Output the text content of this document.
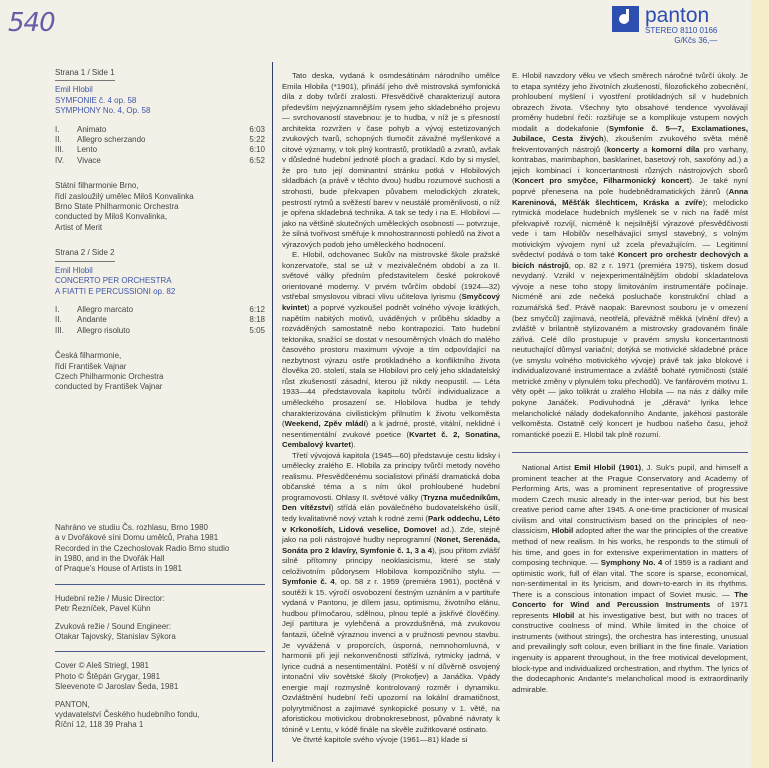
540	panton
STEREO 8110 0166
G/Kčs 36,—
Strana 1 / Side 1
Emil Hlobil
SYMFONIE č. 4 op. 58
SYMPHONY No. 4, Op. 58
I.	Animato	6:03
II.	Allegro scherzando	5:22
III.	Lento	6:10
IV.	Vivace	6:52
Státní filharmonie Brno,
řídí zasloužilý umělec Miloš Konvalinka
Brno State Philharmonic Orchestra
conducted by Miloš Konvalinka,
Artist of Merit
Strana 2 / Side 2
Emil Hlobil
CONCERTO PER ORCHESTRA
A FIATTI E PERCUSSIONI op. 82
I.	Allegro marcato	6:12
II.	Andante	8:18
III.	Allegro risoluto	5:05
Česká filharmonie,
řídí František Vajnar
Czech Philharmonic Orchestra
conducted by František Vajnar
Nahráno ve studiu Čs. rozhlasu, Brno 1980
a v Dvořákové síni Domu umělců, Praha 1981
Recorded in the Czechoslovak Radio Brno studio
in 1980, and in the Dvořák Hall
of Praque's House of Artists in 1981
Hudební režie / Music Director:
Petr Řezníček, Pavel Kühn
Zvuková režie / Sound Engineer:
Otakar Tajovský, Stanislav Sýkora
Cover © Aleš Striegl, 1981
Photo © Štěpán Grygar, 1981
Sleevenote © Jaroslav Šeda, 1981
PANTON,
vydavatelství Českého hudebního fondu,
Říční 12, 118 39 Praha 1

Tato deska, vydaná k osmdesátinám národního umělce Emila Hlobila (*1901), přináší jeho dvě mistrovská symfonická díla z doby tvůrčí zralosti. Přesvědčivě charakterizují autora především nejvýznamnějším rysem jeho skladebného projevu — svrchovaností stavebnou: je to hudba, v níž je s přesností architekta rozvržen v čase pohyb a vývoj estetizovaných zvukových tvarů, schopných tlumočit závažné myšlenkové a citové významy, v tok plný kontrastů, protikladů a zvratů, avšak v důsledné hudební jednotě ploch a gradací. Kdo by si myslel, že pro tuto její dominantní stránku potká v Hlobilových skladbách (a právě v těchto dvou) hudbu rozumové suchosti a strohosti, bude překvapen půvabem melodických zkratek, pestrostí rytmů a svěžestí barev v neustálé proměnlivosti, o níž je opřena skladebná technika. A tak se tedy i na E. Hlobilovi — jako na většině skutečných uměleckých osobností — potvrzuje, že silná tvořivost směřuje k mnohostrannosti pohledů na život a výrazových podob jeho uměleckého hodnocení.

E. Hlobil, odchovanec Sukův na mistrovské škole pražské konzervatoře, stal se už v meziválečném období a za II. světové války předním představitelem české pokrokově orientované moderny. V prvém tvůrčím období (1924—32) vstřebal smyslovou vibraci vlivu učitelova lyrismu (Smyčcový kvintet) a poprvé vyzkoušel podnět volného vývoje krátkých, napětím nabitých motivů, uváděných v průběhu skladby a rozváděných samostatně nebo kontrapozici. Tato hudební tektonika, snažící se dostat v nesouměrných vlnách do malého časového prostoru maximum vývoje a tím odpovídající na nezbytnost výrazu ostře protikladného a konfliktního života člověka 20. století, stala se Hlobilovi pro celý jeho skladatelský růst zkušeností zásadní, kterou již nikdy neopustil. — Léta 1933—44 představovala kapitolu tvůrčí individualizace a uměleckého prosazení se. Hlobilova hudba je tehdy charakterizována civilistickým přilnutím k životu velkoměsta (Weekend, Zpěv mládí) a k jadrné, prosté, vitální, neklidné i nesentimentální zvukové poetice (Kvartet č. 2, Sonatina, Cembalový kvartet).

Třetí vývojová kapitola (1945—60) představuje cestu lidsky i umělecky zralého E. Hlobila za principy tvůrčí metody nového realismu. Přesvědčenému socialistovi přináší dramatická doba občanské téma a s ním úkol prohloubené hudební programovosti. Ohlasy II. světové války (Tryzna mučedníkům, Den vítězství) střídá elán poválečného budovatelského úsilí, tedy kvalitativně nový vztah k rodné zemi (Park oddechu, Léto v Krkonoších, Lidová veselice, Domove! ad.). Zde, stejně jako na poli nástrojové hudby neprogramní (Nonet, Serenáda, Sonáta pro 2 klavíry, Symfonie č. 1, 3 a 4), jsou přitom zvlášť silně přítomny principy neoklasicismu, které se staly celoživotním půdorysem Hlobilova kompozičního stylu. — Symfonie č. 4, op. 58 z r. 1959 (premiéra 1961), poctěná v soutěži k 15. výročí osvobození čestným uznáním a v partituře vydaná v Pantonu, je dílem jasu, optimismu, životního elánu, hudbou přímočarou, sdělnou, plnou teplé a jiskřivé člověčiny. Její partitura je vylehčená a provzdušněná, má zvukovou fantazii, účelně výraznou invenci a v pružnosti pevnou stavbu. Je vyvážená v proporcích, úsporná, nemnohomluvná, v harmonii při její nekonvenčnosti střízlivá, rytmicky jadrná, v lyrice cudná a nesentimentální. Potěší v ní důvěrně osvojený intonační vliv sovětské školy (Prokofjev) a Janáčka. Vpády energie mají rozmyslně kontrolovaný rozměr i dynamiku. Ozvláštnění hudební řeči upozorní na lokální dramatičnost, polyrytmičnost a zajímavé synkopické posuny v 1. větě, na aforistickou motivickou drobnokresebnost, půvabné návraty k tónině v Lentu, v kódě finále na skvěle zužitkované ostinato.

Ve čtvrté kapitole svého vývoje (1961—81) klade si

E. Hlobil navzdory věku ve všech směrech náročné tvůrčí úkoly. Je to etapa syntézy jeho životních zkušeností, filozofického zobecnění, prohloubení myšlení i vyostření protikladných sil v hudebních obrazech života. Všechny tyto obsahové tendence vyvolávají proměny hudební řeči: rozšiřuje se a komplikuje vstupem nových modalit a dodekafonie (Symfonie č. 5—7, Exclamationes, Jubilace, Cesta živých), zkoušením zvukového světa méně frekventovaných nástrojů (koncerty a komorní díla pro varhany, kontrabas, marimbaphon, basklarinet, basetový roh, saxofóny ad.) a jejich kombinací i koncertantnosti různých nástrojových sborů (Koncert pro smyčce, Filharmonický koncert). Je také nyní poprvé přenesena na pole hudebnědramatických žánrů (Anna Kareninová, Měšťák šlechticem, Kráska a zvíře); melodicko rytmická modelace hudebních myšlenek se v nich na řadě míst překvapivě rozvíjí, nicméně k nejsilnější výrazové přesvědčivosti vede i tam Hlobilův neselhávající smysl stavebný, s volným motivickým vývojem nyní už zcela převažujícím. — Legitimní svědectví podává o tom také Koncert pro orchestr dechových a bicích nástrojů, op. 82 z r. 1971 (premiéra 1975), tiskem dosud nevydaný. Vznikl v nejexperimentálnějším období skladatelova vývoje a nese toho stopy limitováním instrumentáře počínaje. Nicméně ani zde nečeká posluchače konstrukční chlad a rozumářská šeď. Právě naopak: Barevnost souboru je v omezení (bez smyčců) zajímavá, neotřelá, převážně měkká (vlnění dřev) a zvláště v brilantně stylizovaném a mistrovsky gradovaném finále zářivá. Celé dílo prostupuje v pravém smyslu koncertantnosti neutuchající důmysl variační; dotýká se motivické skladebné práce (ve smyslu volného motivického vývoje) právě tak jako blokové i individualizované instrumentace a zvláště bohaté rytmičnosti (stálé metrické změny v plynulém toku přechodů). Ve fanfárovém motivu 1. věty opět — jako tolikrát u zralého Hlobila — na nás z dálky mile pokyne Janáček. Podivuhodná je „děravá“ lyrika lehce melancholické nálady dodekafonního Andante, jakéhosi pastorále velkoměsta. Ostatně celý koncert je hudbou našeho času, jehož romantické poezii E. Hlobil tak plně rozumí.

National Artist Emil Hlobil (1901), J. Suk's pupil, and himself a prominent teacher at the Prague Conservatory and Academy of Performing Arts, was a prominent representative of progressive modern Czech music already in the inter-war period, but his best creative period came after 1945. A one-time practicioner of musical civilism and vital constructivism based on the principles of neo-classicism, Hlobil adopted after the war the principles of the creative method of new realism. In his works, he responds to the stimuli of his time, and goes in for extensive experimentation in matters of composing technique. — Symphony No. 4 of 1959 is a radiant and optimistic work, full of élan vital. The score is sparse, economical, non-sentimental in its lyricism, and down-to-earch in its rhythms. There is a conscious intonation impact of Soviet music. — The Concerto for Wind and Percussion Instruments of 1971 represents Hlobil at his investigative best, but with no traces of constructive coolness of mind. While limited in the choice of instruments (without strings), the orchestra has interesting, unusual and prevailingly soft colour, even brilliant in the fine finale. Variation ingenuity is apparent throughout, in the free motivical development, block-type and individualized orchestration, and rhythm. The lyrics of the dodecaphonic Andante's melancholical mood is extraordinarily admirable.
